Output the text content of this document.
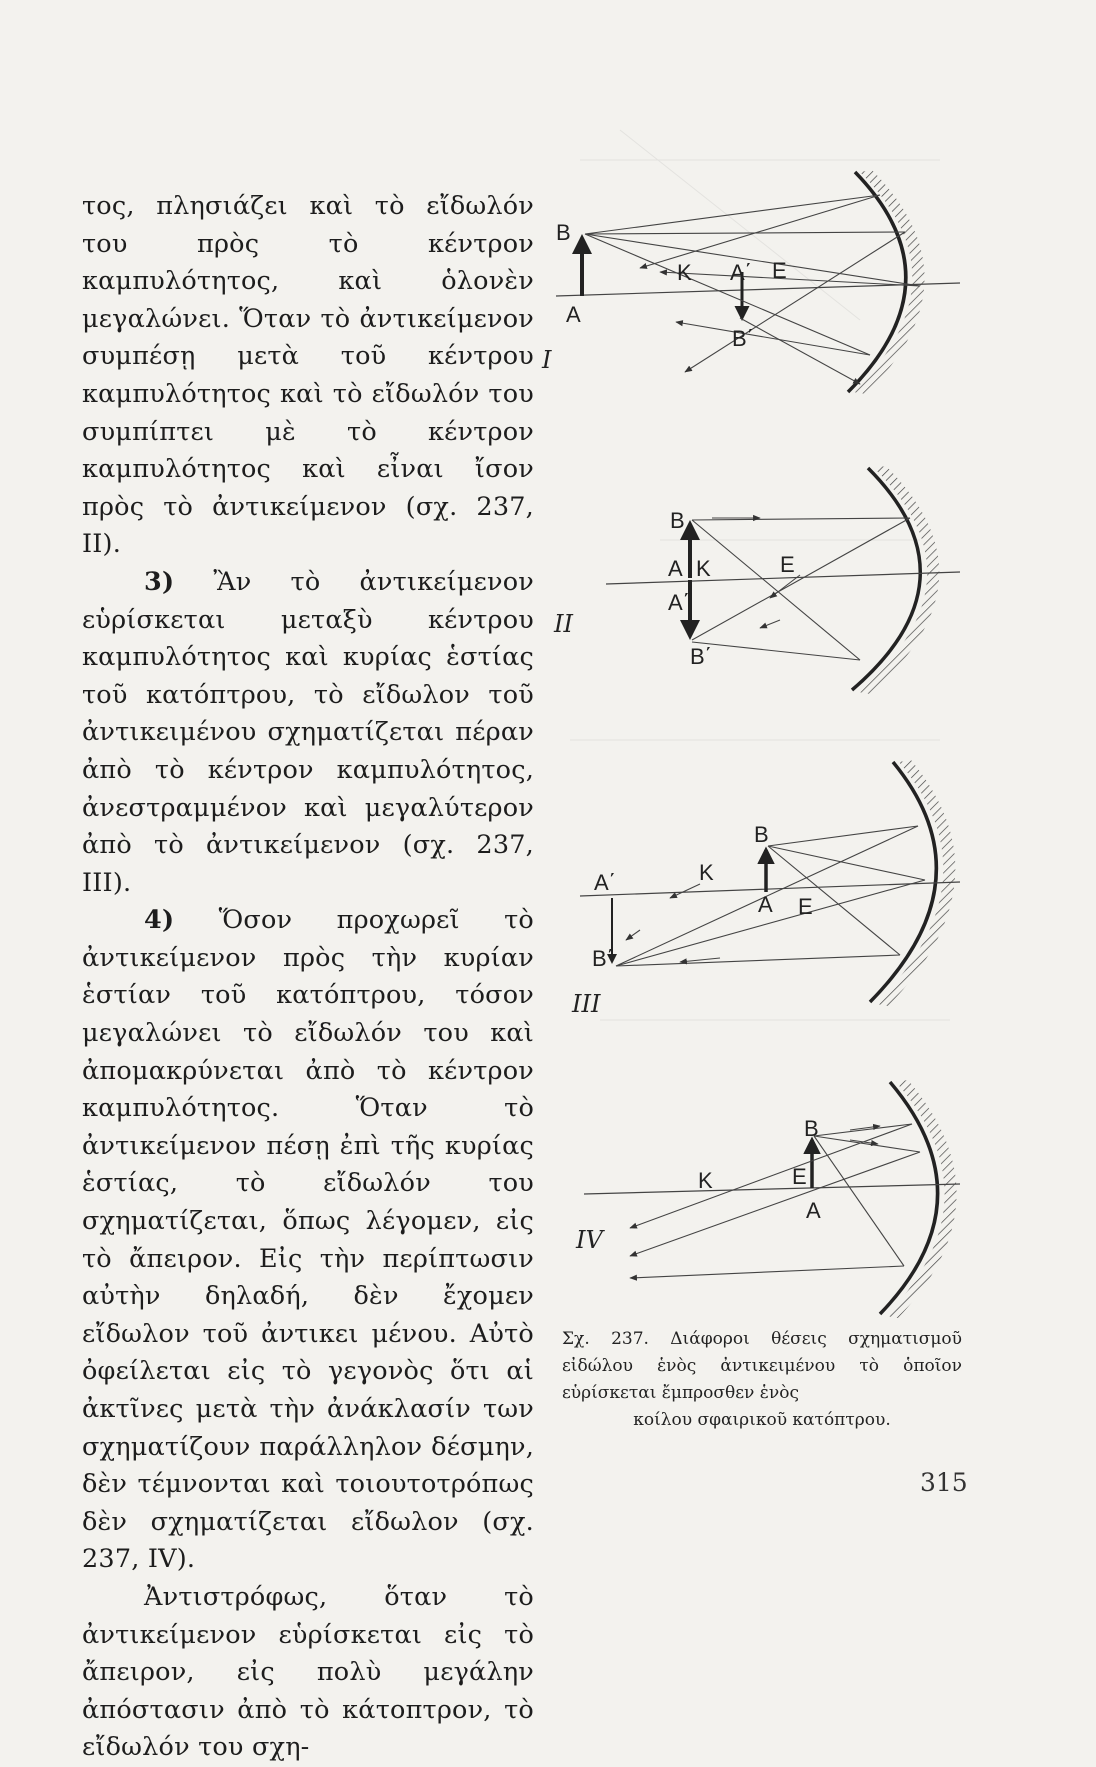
τος, πλησιάζει καὶ τὸ εἴδωλόν του πρὸς τὸ κέντρον καμπυλότητος, καὶ ὁλονὲν μεγαλώνει. Ὅταν τὸ ἀντικείμενον συμπέσῃ μετὰ τοῦ κέντρου καμπυλότητος καὶ τὸ εἴδωλόν του συμπίπτει μὲ τὸ κέντρον καμπυλότητος καὶ εἶναι ἴσον πρὸς τὸ ἀντικείμενον (σχ. 237, II).

3) Ἂν τὸ ἀντικείμενον εὑρίσκεται μεταξὺ κέντρου καμπυλότητος καὶ κυρίας ἑστίας τοῦ κατόπτρου, τὸ εἴδωλον τοῦ ἀντικειμένου σχηματίζεται πέραν ἀπὸ τὸ κέντρον καμπυλότητος, ἀνεστραμμένον καὶ μεγαλύτερον ἀπὸ τὸ ἀντικείμενον (σχ. 237, III).

4) Ὅσον προχωρεῖ τὸ ἀντικείμενον πρὸς τὴν κυρίαν ἑστίαν τοῦ κατόπτρου, τόσον μεγαλώνει τὸ εἴδωλόν του καὶ ἀπομακρύνεται ἀπὸ τὸ κέντρον καμπυλότητος. Ὅταν τὸ ἀντικείμενον πέσῃ ἐπὶ τῆς κυρίας ἑστίας, τὸ εἴδωλόν του σχηματίζεται, ὅπως λέγομεν, εἰς τὸ ἄπειρον. Εἰς τὴν περίπτωσιν αὐτὴν δηλαδή, δὲν ἔχομεν εἴδωλον τοῦ ἀντικει μένου. Αὐτὸ ὀφείλεται εἰς τὸ γεγονὸς ὅτι αἱ ἀκτῖνες μετὰ τὴν ἀνάκλασίν των σχηματίζουν παράλληλον δέσμην, δὲν τέμνονται καὶ τοιουτοτρόπως δὲν σχηματίζεται εἴδωλον (σχ. 237, IV).

Ἀντιστρόφως, ὅταν τὸ ἀντικείμενον εὑρίσκεται εἰς τὸ ἄπειρον, εἰς πολὺ μεγάλην ἀπόστασιν ἀπὸ τὸ κάτοπτρον, τὸ εἴδωλόν του σχη-

B
A
K A΄ E
B΄
I
B
A K
A΄
E
B΄
II
A΄
B΄
K
B
A E
III
B
K	E
A
IV
Σχ. 237. Διάφοροι θέσεις σχηματισμοῦ εἰδώλου ἑνὸς ἀντικειμένου τὸ ὁποῖον εὑρίσκεται ἔμπροσθεν ἑνὸς
κοίλου σφαιρικοῦ κατόπτρου.
315
